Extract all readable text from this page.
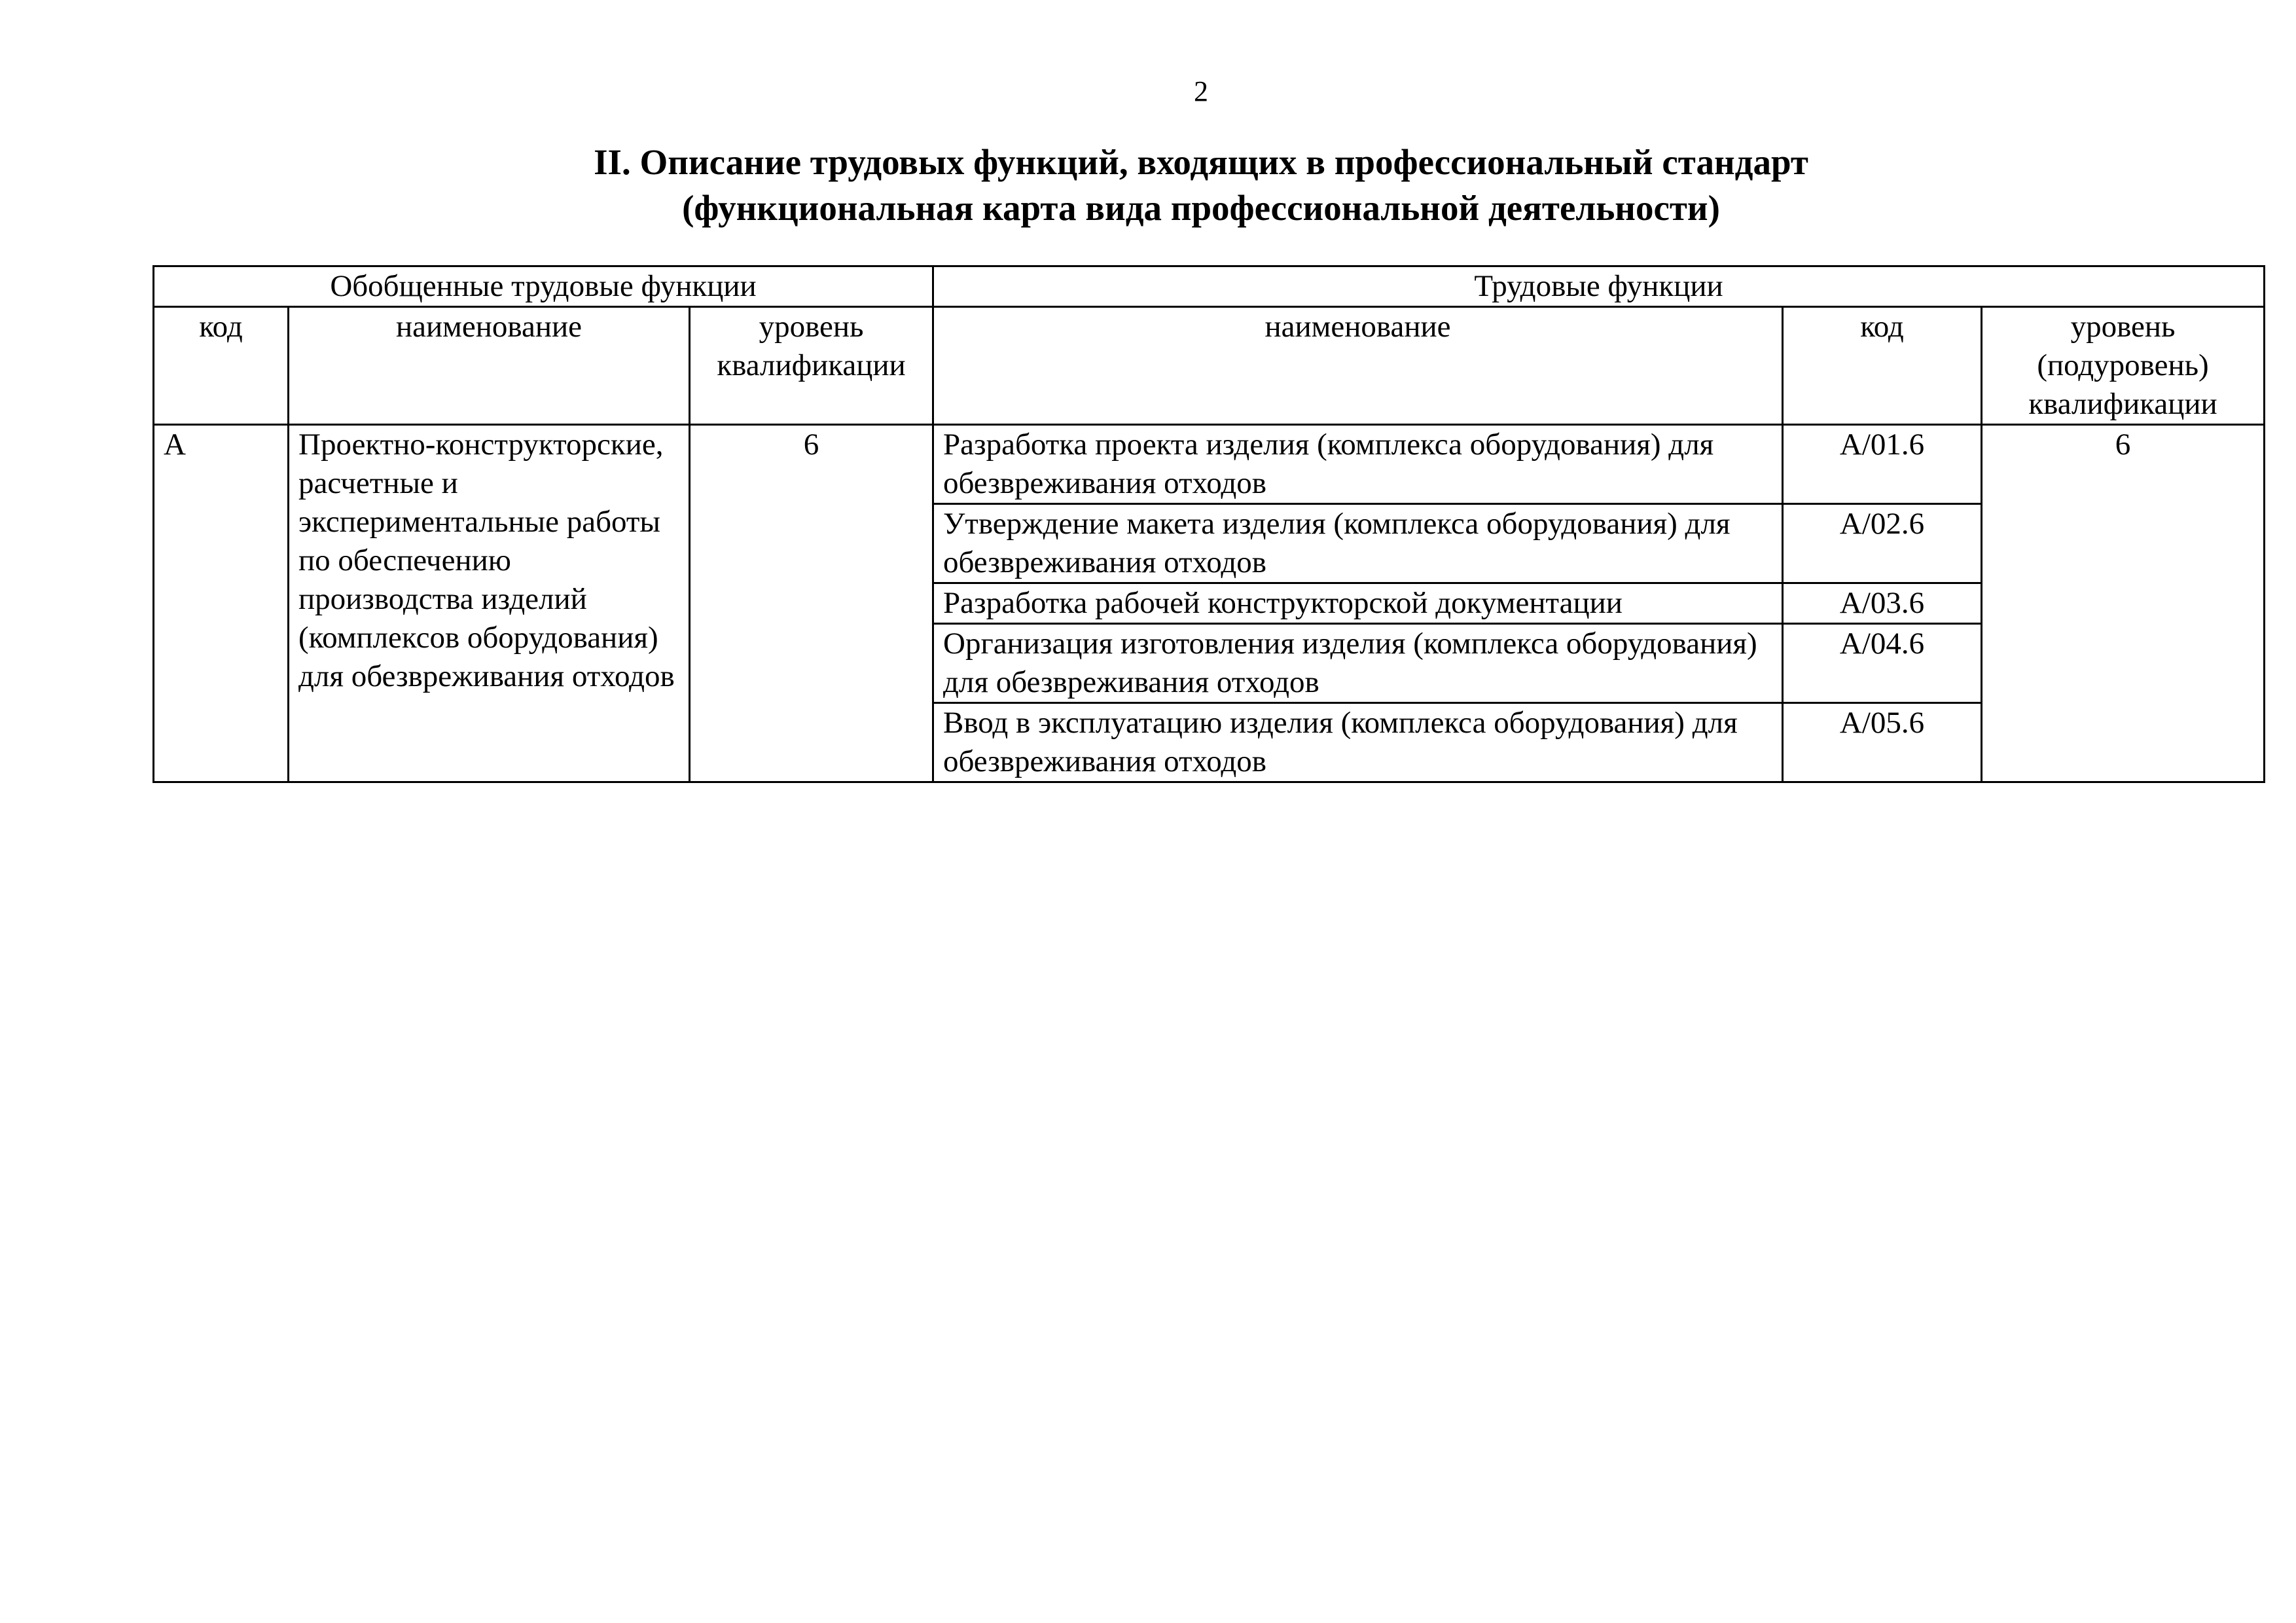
2
II. Описание трудовых функций, входящих в профессиональный стандарт
(функциональная карта вида профессиональной деятельности)
Обобщенные трудовые функции			Трудовые функции		
код	наименование	уровень квалификации	наименование	код	уровень (подуровень) квалификации
А	Проектно-конструкторские, расчетные и экспериментальные работы по обеспечению производства изделий (комплексов оборудования) для обезвреживания отходов	6	Разработка проекта изделия (комплекса оборудования) для обезвреживания отходов	А/01.6	6
			Утверждение макета изделия (комплекса оборудования) для обезвреживания отходов	А/02.6	
			Разработка рабочей конструкторской документации	А/03.6	
			Организация изготовления изделия (комплекса оборудования) для обезвреживания отходов	А/04.6	
			Ввод в эксплуатацию изделия (комплекса оборудования) для обезвреживания отходов	А/05.6	
